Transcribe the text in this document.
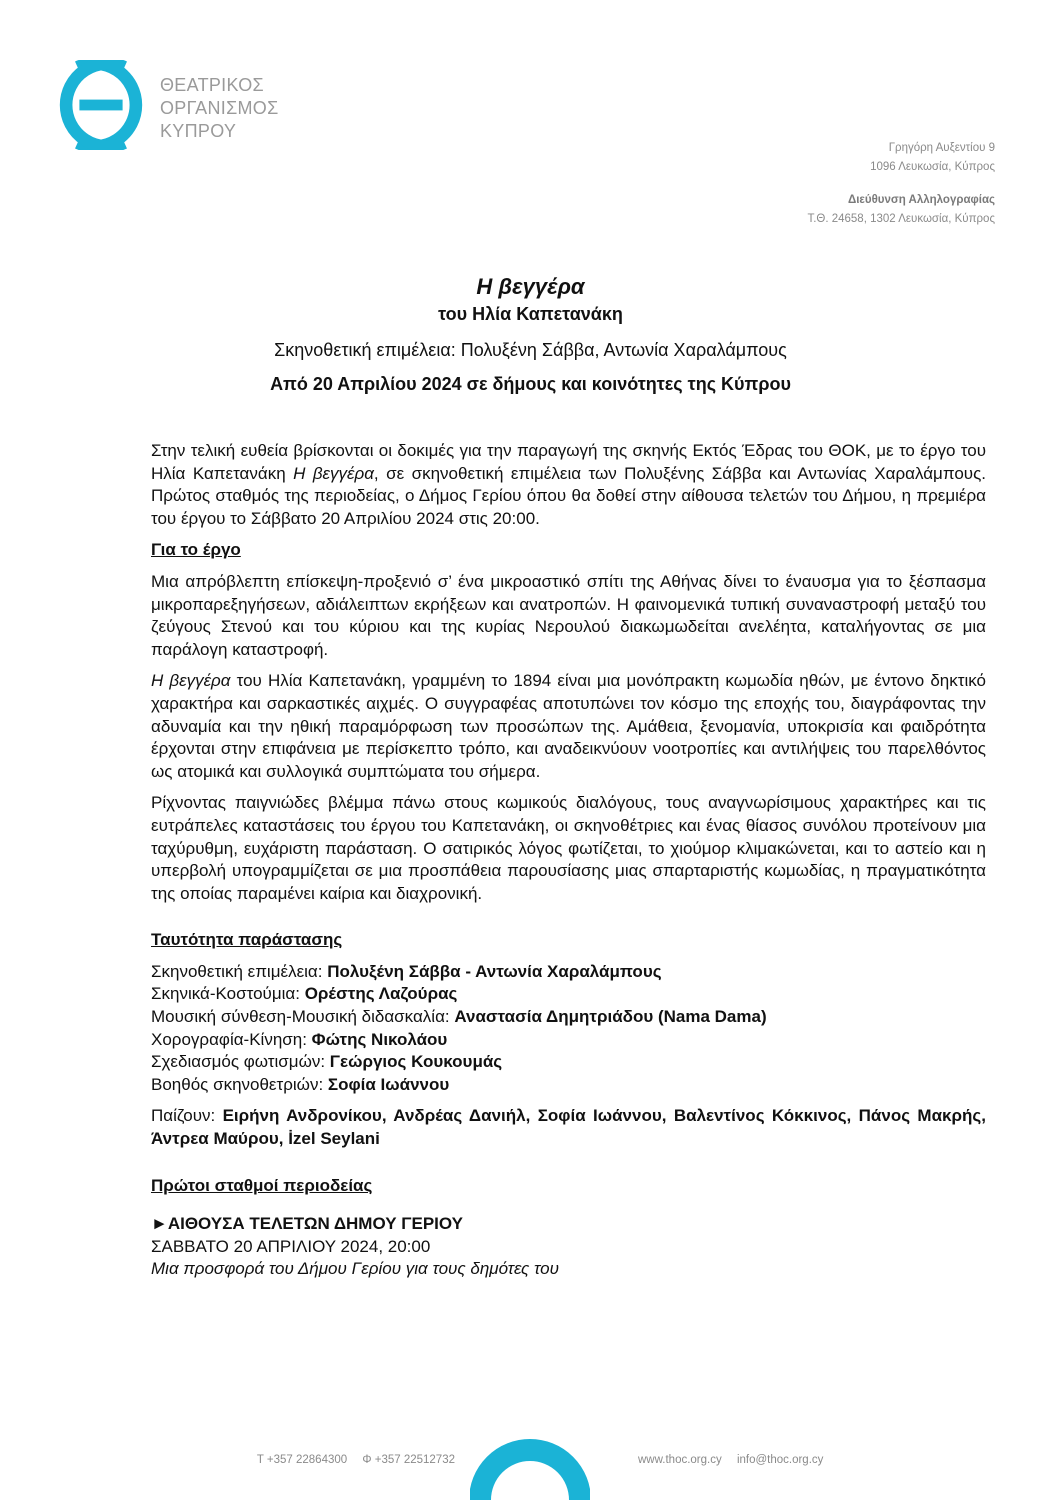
ΘΕΑΤΡΙΚΟΣ
ΟΡΓΑΝΙΣΜΟΣ
ΚΥΠΡΟΥ
Γρηγόρη Αυξεντίου 9
1096 Λευκωσία, Κύπρος
Διεύθυνση Αλληλογραφίας
Τ.Θ. 24658, 1302 Λευκωσία, Κύπρος
Η βεγγέρα
του Ηλία Καπετανάκη
Σκηνοθετική επιμέλεια: Πολυξένη Σάββα, Αντωνία Χαραλάμπους
Από 20 Απριλίου 2024 σε δήμους και κοινότητες της Κύπρου

Στην τελική ευθεία βρίσκονται οι δοκιμές για την παραγωγή της σκηνής Εκτός Έδρας του ΘΟΚ, με το έργο του Ηλία Καπετανάκη Η βεγγέρα, σε σκηνοθετική επιμέλεια των Πολυξένης Σάββα και Αντωνίας Χαραλάμπους. Πρώτος σταθμός της περιοδείας, ο Δήμος Γερίου όπου θα δοθεί στην αίθουσα τελετών του Δήμου, η πρεμιέρα του έργου το Σάββατο 20 Απριλίου 2024 στις 20:00.

Για το έργο

Μια απρόβλεπτη επίσκεψη-προξενιό σ’ ένα μικροαστικό σπίτι της Αθήνας δίνει το έναυσμα για το ξέσπασμα μικροπαρεξηγήσεων, αδιάλειπτων εκρήξεων και ανατροπών. Η φαινομενικά τυπική συναναστροφή μεταξύ του ζεύγους Στενού και του κύριου και της κυρίας Νερουλού διακωμωδείται ανελέητα, καταλήγοντας σε μια παράλογη καταστροφή.

Η βεγγέρα του Ηλία Καπετανάκη, γραμμένη το 1894 είναι μια μονόπρακτη κωμωδία ηθών, με έντονο δηκτικό χαρακτήρα και σαρκαστικές αιχμές. Ο συγγραφέας αποτυπώνει τον κόσμο της εποχής του, διαγράφοντας την αδυναμία και την ηθική παραμόρφωση των προσώπων της. Αμάθεια, ξενομανία, υποκρισία και φαιδρότητα έρχονται στην επιφάνεια με περίσκεπτο τρόπο, και αναδεικνύουν νοοτροπίες και αντιλήψεις του παρελθόντος ως ατομικά και συλλογικά συμπτώματα του σήμερα.

Ρίχνοντας παιγνιώδες βλέμμα πάνω στους κωμικούς διαλόγους, τους αναγνωρίσιμους χαρακτήρες και τις ευτράπελες καταστάσεις του έργου του Καπετανάκη, οι σκηνοθέτριες και ένας θίασος συνόλου προτείνουν μια ταχύρυθμη, ευχάριστη παράσταση. Ο σατιρικός λόγος φωτίζεται, το χιούμορ κλιμακώνεται, και το αστείο και η υπερβολή υπογραμμίζεται σε μια προσπάθεια παρουσίασης μιας σπαρταριστής κωμωδίας, η πραγματικότητα της οποίας παραμένει καίρια και διαχρονική.

Ταυτότητα παράστασης
Σκηνοθετική επιμέλεια: Πολυξένη Σάββα - Αντωνία Χαραλάμπους
Σκηνικά-Κοστούμια: Ορέστης Λαζούρας
Μουσική σύνθεση-Μουσική διδασκαλία: Αναστασία Δημητριάδου (Nama Dama)
Χορογραφία-Κίνηση: Φώτης Νικολάου
Σχεδιασμός φωτισμών: Γεώργιος Κουκουμάς
Βοηθός σκηνοθετριών: Σοφία Ιωάννου

Παίζουν: Ειρήνη Ανδρονίκου, Ανδρέας Δανιήλ, Σοφία Ιωάννου, Βαλεντίνος Κόκκινος, Πάνος Μακρής, Άντρεα Μαύρου, İzel Seylani

Πρώτοι σταθμοί περιοδείας
►ΑΙΘΟΥΣΑ ΤΕΛΕΤΩΝ ΔΗΜΟΥ ΓΕΡΙΟΥ
ΣΑΒΒΑΤΟ 20 ΑΠΡΙΛΙΟΥ 2024, 20:00
Μια προσφορά του Δήμου Γερίου για τους δημότες του
T +357 22864300 Φ +357 22512732	www.thoc.org.cy info@thoc.org.cy
